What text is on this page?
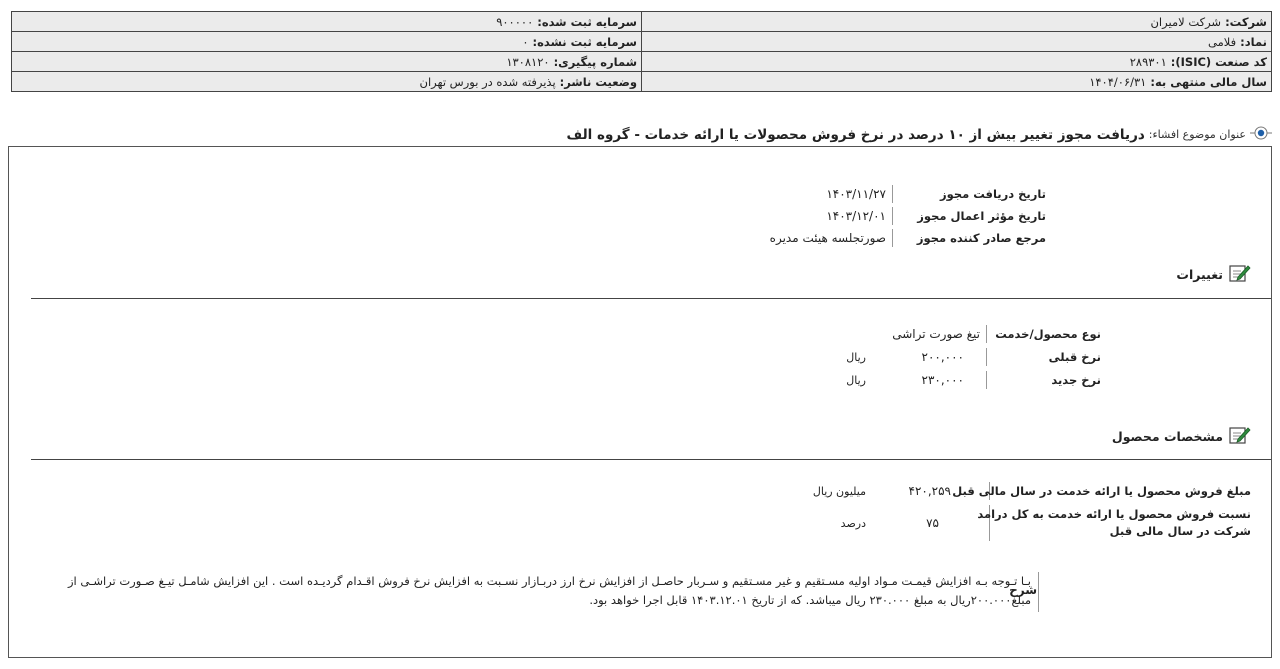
شرکت:
شرکت لامیران
سرمایه ثبت شده:
۹۰۰۰۰۰
نماد:
فلامی
سرمایه ثبت نشده:
۰
کد صنعت (ISIC):
۲۸۹۳۰۱
شماره پیگیری:
۱۳۰۸۱۲۰
سال مالی منتهی به:
۱۴۰۴/۰۶/۳۱
وضعیت ناشر:
پذیرفته شده در بورس تهران
عنوان موضوع افشاء:
دریافت مجوز تغییر بیش از ۱۰ درصد در نرخ فروش محصولات یا ارائه خدمات - گروه الف
تاریخ دریافت مجوز
۱۴۰۳/۱۱/۲۷
تاریخ مؤثر اعمال مجوز
۱۴۰۳/۱۲/۰۱
مرجع صادر کننده مجوز
صورتجلسه هیئت مدیره
تغییرات
نوع محصول/خدمت
تیغ صورت تراشی
نرخ قبلی
۲۰۰,۰۰۰
ریال
نرخ جدید
۲۳۰,۰۰۰
ریال
مشخصات محصول
مبلغ فروش محصول یا ارائه خدمت در سال مالی قبل
۴۲۰,۲۵۹
میلیون ریال
نسبت فروش محصول یا ارائه خدمت به کل درامد
شرکت در سال مالی قبل
۷۵
درصد
شرح
بـا تـوجه بـه افزایش قیمـت مـواد اولیه مسـتقیم و غیر مسـتقیم و سـربار حاصـل از افزایش نرخ ارز دربـازار نسـبت به افزایش نرخ فروش اقـدام گردیـده است . این افزایش شامـل تیـغ صـورت تراشـی از
مبلغ۲۰۰.۰۰۰ریال به مبلغ ۲۳۰.۰۰۰ ریال میباشد. که از تاریخ ۱۴۰۳.۱۲.۰۱ قابل اجرا خواهد بود.
